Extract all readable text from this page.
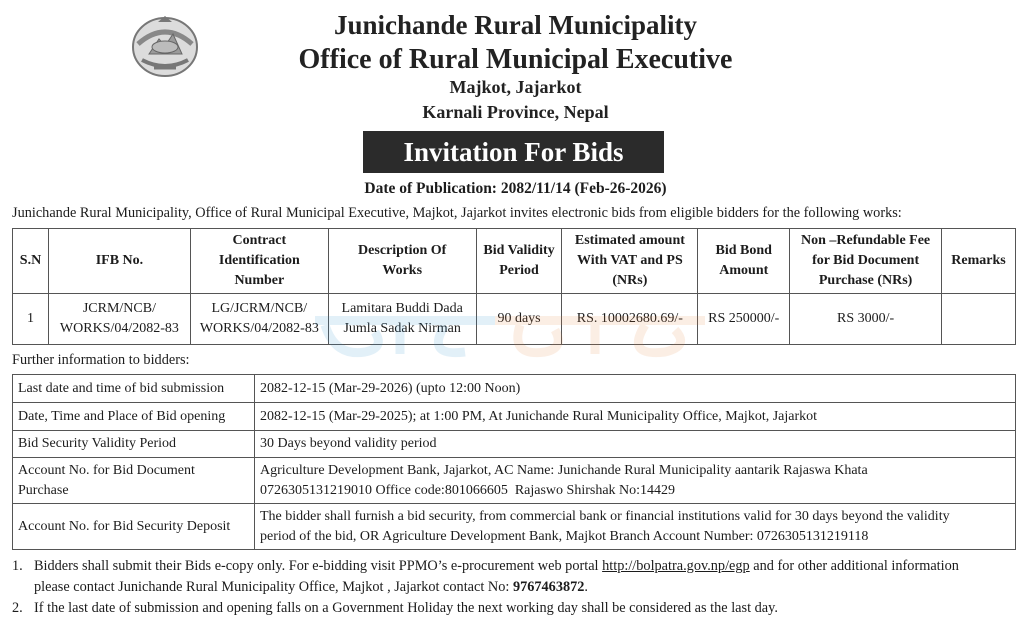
Junichande Rural Municipality
Office of Rural Municipal Executive
Majkot, Jajarkot
Karnali Province, Nepal
Invitation For Bids
Date of Publication: 2082/11/14 (Feb-26-2026)
Junichande Rural Municipality, Office of Rural Municipal Executive, Majkot, Jajarkot invites electronic bids from eligible bidders for the following works:
S.N	IFB No.	Contract
Identification
Number	Description Of
Works	Bid Validity
Period	Estimated amount
With VAT and PS
(NRs)	Bid Bond
Amount	Non –Refundable Fee
for Bid Document
Purchase (NRs)	Remarks
1	JCRM/NCB/
WORKS/04/2082-83	LG/JCRM/NCB/
WORKS/04/2082-83	Lamitara Buddi Dada
Jumla Sadak Nirman	90 days	RS. 10002680.69/-	RS 250000/-	RS 3000/-	
Further information to bidders:
Last date and time of bid submission	2082-12-15 (Mar-29-2026) (upto 12:00 Noon)
Date, Time and Place of Bid opening	2082-12-15 (Mar-29-2025); at 1:00 PM, At Junichande Rural Municipality Office, Majkot, Jajarkot
Bid Security Validity Period	30 Days beyond validity period
Account No. for Bid Document
Purchase	Agriculture Development Bank, Jajarkot, AC Name: Junichande Rural Municipality aantarik Rajaswa Khata
0726305131219010 Office code:801066605  Rajaswo Shirshak No:14429
Account No. for Bid Security Deposit	The bidder shall furnish a bid security, from commercial bank or financial institutions valid for 30 days beyond the validity
period of the bid, OR Agriculture Development Bank, Majkot Branch Account Number: 0726305131219118
1. Bidders shall submit their Bids e-copy only. For e-bidding visit PPMO’s e-procurement web portal http://bolpatra.gov.np/egp and for other additional information
please contact Junichande Rural Municipality Office, Majkot , Jajarkot contact No: 9767463872.
2. If the last date of submission and opening falls on a Government Holiday the next working day shall be considered as the last day.
